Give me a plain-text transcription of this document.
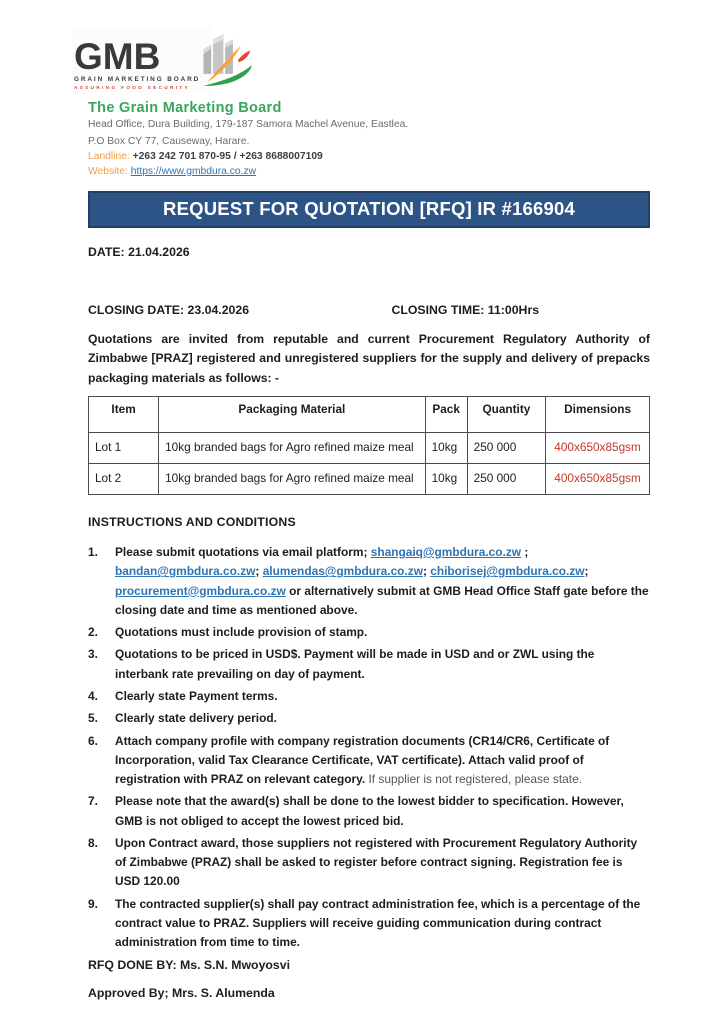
GMB
GRAIN MARKETING BOARD
ASSURING FOOD SECURITY
The Grain Marketing Board
Head Office, Dura Building, 179-187 Samora Machel Avenue, Eastlea.
P.O Box CY 77, Causeway, Harare.
Landline: +263 242 701 870-95 / +263 8688007109
Website: https://www.gmbdura.co.zw
REQUEST FOR QUOTATION [RFQ] IR #166904
DATE: 21.04.2026
CLOSING DATE: 23.04.2026	CLOSING TIME: 11:00Hrs
Quotations are invited from reputable and current Procurement Regulatory Authority of Zimbabwe [PRAZ] registered and unregistered suppliers for the supply and delivery of prepacks packaging materials as follows: -
Item	Packaging Material	Pack	Quantity	Dimensions
Lot 1	10kg branded bags for Agro refined maize meal	10kg	250 000	400x650x85gsm
Lot 2	10kg branded bags for Agro refined maize meal	10kg	250 000	400x650x85gsm
INSTRUCTIONS AND CONDITIONS
1.	Please submit quotations via email platform; shangaiq@gmbdura.co.zw ; bandan@gmbdura.co.zw; alumendas@gmbdura.co.zw; chiborisej@gmbdura.co.zw; procurement@gmbdura.co.zw or alternatively submit at GMB Head Office Staff gate before the closing date and time as mentioned above.
2.	Quotations must include provision of stamp.
3.	Quotations to be priced in USD$. Payment will be made in USD and or ZWL using the interbank rate prevailing on day of payment.
4.	Clearly state Payment terms.
5.	Clearly state delivery period.
6.	Attach company profile with company registration documents (CR14/CR6, Certificate of Incorporation, valid Tax Clearance Certificate, VAT certificate). Attach valid proof of registration with PRAZ on relevant category. If supplier is not registered, please state.
7.	Please note that the award(s) shall be done to the lowest bidder to specification. However, GMB is not obliged to accept the lowest priced bid.
8.	Upon Contract award, those suppliers not registered with Procurement Regulatory Authority of Zimbabwe (PRAZ) shall be asked to register before contract signing. Registration fee is USD 120.00
9.	The contracted supplier(s) shall pay contract administration fee, which is a percentage of the contract value to PRAZ. Suppliers will receive guiding communication during contract administration from time to time.
RFQ DONE BY: Ms. S.N. Mwoyosvi
Approved By; Mrs. S. Alumenda
